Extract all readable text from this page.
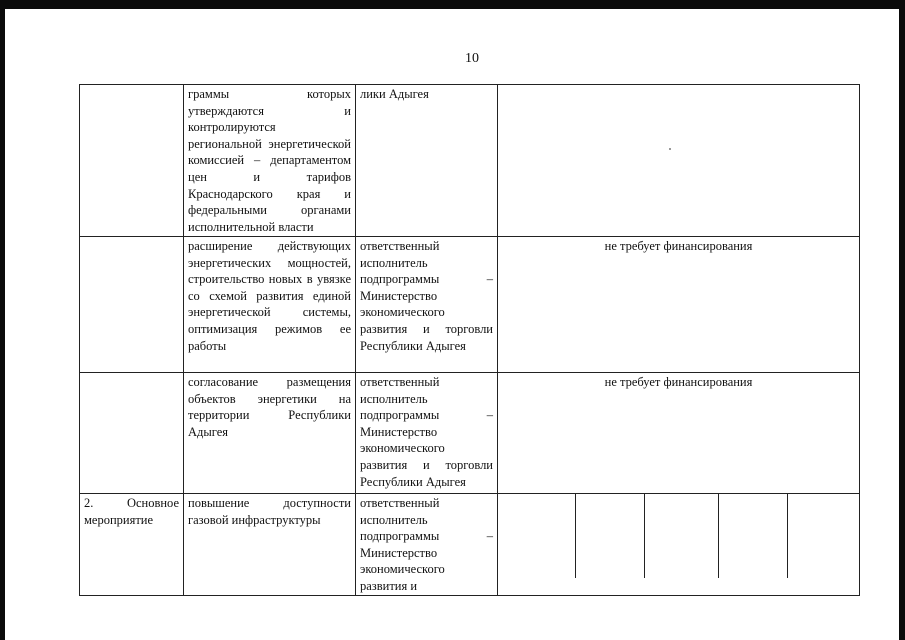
10

	граммы которых утверждаются и контролируются региональной энергетической комиссией – департаментом цен и тарифов Краснодарского края и федеральными органами исполнительной власти	лики Адыгея	

	расширение действующих энергетических мощностей, строительство новых в увязке со схемой развития единой энергетической системы, оптимизация режимов ее работы	ответственный исполнитель подпрограммы – Министерство экономического развития и торговли Республики Адыгея	не требует финансирования

	согласование размещения объектов энергетики на территории Республики Адыгея	ответственный исполнитель подпрограммы – Министерство экономического развития и торговли Республики Адыгея	не требует финансирования

2. Основное мероприятие	повышение доступности газовой инфраструктуры	ответственный исполнитель подпрограммы – Министерство экономического развития и	
